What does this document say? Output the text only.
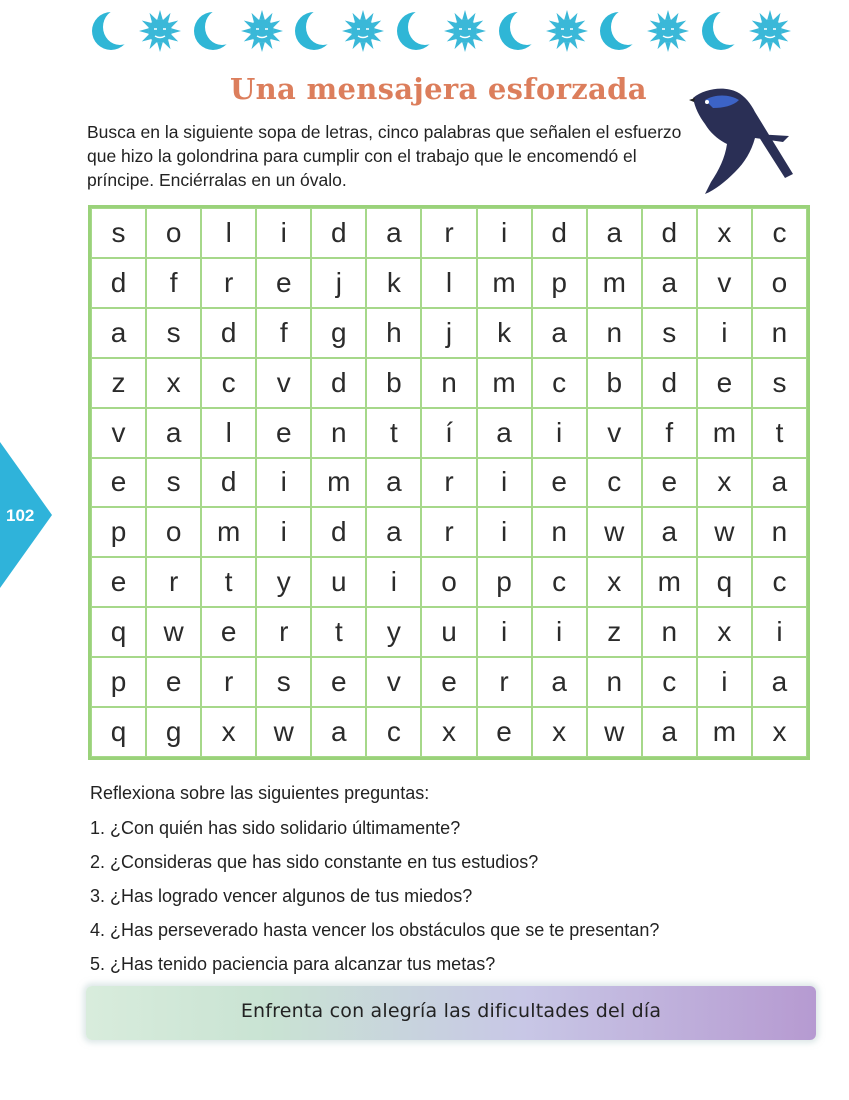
Una mensajera esforzada
Busca en la siguiente sopa de letras, cinco palabras que señalen el esfuerzo que hizo la golondrina para cumplir con el trabajo que le encomendó el príncipe. Enciérralas en un óvalo.
102
s	o	l	i	d	a	r	i	d	a	d	x	c
d	f	r	e	j	k	l	m	p	m	a	v	o
a	s	d	f	g	h	j	k	a	n	s	i	n
z	x	c	v	d	b	n	m	c	b	d	e	s
v	a	l	e	n	t	í	a	i	v	f	m	t
e	s	d	i	m	a	r	i	e	c	e	x	a
p	o	m	i	d	a	r	i	n	w	a	w	n
e	r	t	y	u	i	o	p	c	x	m	q	c
q	w	e	r	t	y	u	i	i	z	n	x	i
p	e	r	s	e	v	e	r	a	n	c	i	a
q	g	x	w	a	c	x	e	x	w	a	m	x
Reflexiona sobre las siguientes preguntas:
1. ¿Con quién has sido solidario últimamente?
2. ¿Consideras que has sido constante en tus estudios?
3. ¿Has logrado vencer algunos de tus miedos?
4. ¿Has perseverado hasta vencer los obstáculos que se te presentan?
5. ¿Has tenido paciencia para alcanzar tus metas?
Enfrenta con alegría las dificultades del día
